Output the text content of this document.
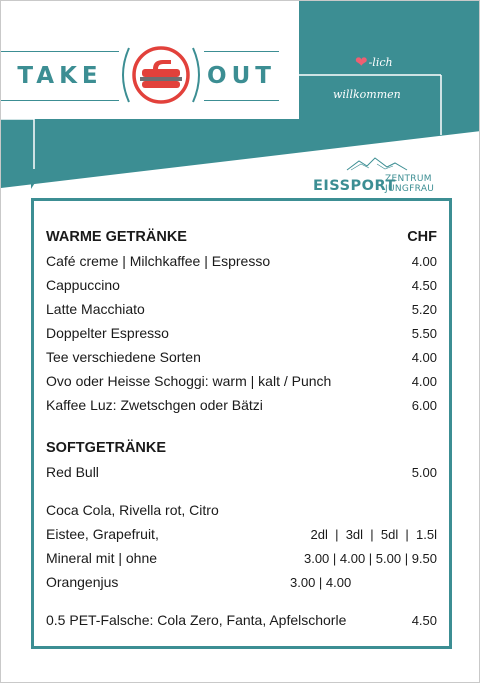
TAKE	OUT
❤ -lich
willkommen
EISSPORT
ZENTRUM
JUNGFRAU
WARME GETRÄNKE	CHF
Café creme | Milchkaffee | Espresso	4.00
Cappuccino	4.50
Latte Macchiato	5.20
Doppelter Espresso	5.50
Tee verschiedene Sorten	4.00
Ovo oder Heisse Schoggi: warm | kalt / Punch	4.00
Kaffee Luz: Zwetschgen oder Bätzi	6.00
SOFTGETRÄNKE
Red Bull	5.00
Coca Cola, Rivella rot, Citro
Eistee, Grapefruit,	2dl  |  3dl  |  5dl  |  1.5l
Mineral mit | ohne	3.00 | 4.00 | 5.00 | 9.50
Orangenjus	3.00 | 4.00
0.5 PET-Falsche: Cola Zero, Fanta, Apfelschorle	4.50
